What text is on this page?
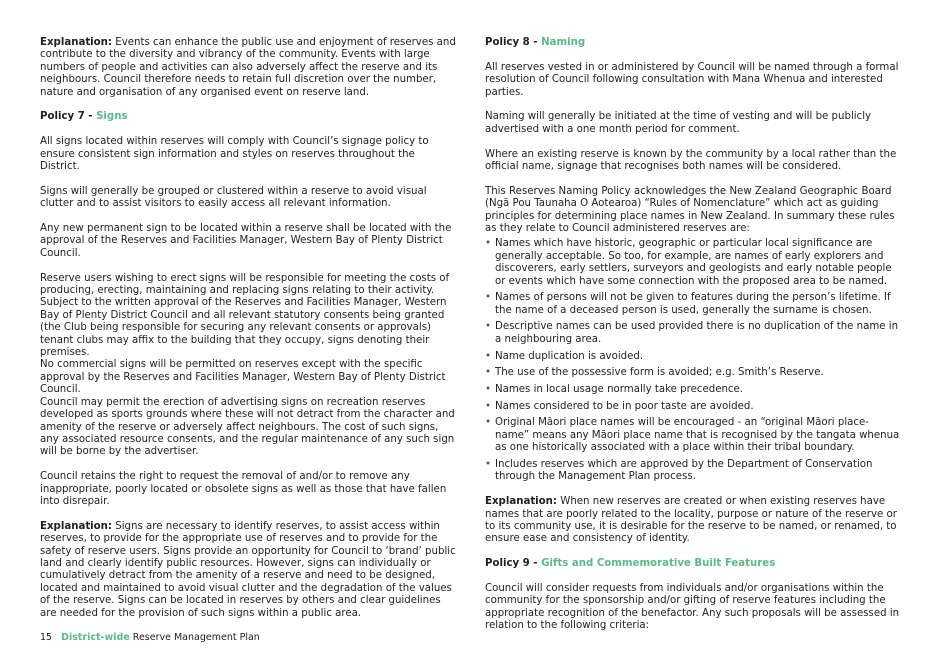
Explanation: Events can enhance the public use and enjoyment of reserves and contribute to the diversity and vibrancy of the community. Events with large numbers of people and activities can also adversely affect the reserve and its neighbours. Council therefore needs to retain full discretion over the number, nature and organisation of any organised event on reserve land.

Policy 7 - Signs

All signs located within reserves will comply with Council’s signage policy to ensure consistent sign information and styles on reserves throughout the District.

Signs will generally be grouped or clustered within a reserve to avoid visual clutter and to assist visitors to easily access all relevant information.

Any new permanent sign to be located within a reserve shall be located with the approval of the Reserves and Facilities Manager, Western Bay of Plenty District Council.

Reserve users wishing to erect signs will be responsible for meeting the costs of producing, erecting, maintaining and replacing signs relating to their activity. Subject to the written approval of the Reserves and Facilities Manager, Western Bay of Plenty District Council and all relevant statutory consents being granted (the Club being responsible for securing any relevant consents or approvals) tenant clubs may affix to the building that they occupy, signs denoting their premises.

No commercial signs will be permitted on reserves except with the specific approval by the Reserves and Facilities Manager, Western Bay of Plenty District Council.

Council may permit the erection of advertising signs on recreation reserves developed as sports grounds where these will not detract from the character and amenity of the reserve or adversely affect neighbours. The cost of such signs, any associated resource consents, and the regular maintenance of any such sign will be borne by the advertiser.

Council retains the right to request the removal of and/or to remove any inappropriate, poorly located or obsolete signs as well as those that have fallen into disrepair.

Explanation: Signs are necessary to identify reserves, to assist access within reserves, to provide for the appropriate use of reserves and to provide for the safety of reserve users. Signs provide an opportunity for Council to ‘brand’ public land and clearly identify public resources. However, signs can individually or cumulatively detract from the amenity of a reserve and need to be designed, located and maintained to avoid visual clutter and the degradation of the values of the reserve. Signs can be located in reserves by others and clear guidelines are needed for the provision of such signs within a public area.

Policy 8 - Naming

All reserves vested in or administered by Council will be named through a formal resolution of Council following consultation with Mana Whenua and interested parties.

Naming will generally be initiated at the time of vesting and will be publicly advertised with a one month period for comment.

Where an existing reserve is known by the community by a local rather than the official name, signage that recognises both names will be considered.

This Reserves Naming Policy acknowledges the New Zealand Geographic Board (Ngā Pou Taunaha O Aotearoa) “Rules of Nomenclature” which act as guiding principles for determining place names in New Zealand. In summary these rules as they relate to Council administered reserves are:

• Names which have historic, geographic or particular local significance are generally acceptable. So too, for example, are names of early explorers and discoverers, early settlers, surveyors and geologists and early notable people or events which have some connection with the proposed area to be named.
• Names of persons will not be given to features during the person’s lifetime. If the name of a deceased person is used, generally the surname is chosen.
• Descriptive names can be used provided there is no duplication of the name in a neighbouring area.
• Name duplication is avoided.
• The use of the possessive form is avoided; e.g. Smith’s Reserve.
• Names in local usage normally take precedence.
• Names considered to be in poor taste are avoided.
• Original Māori place names will be encouraged - an “original Māori place-name” means any Māori place name that is recognised by the tangata whenua as one historically associated with a place within their tribal boundary.
• Includes reserves which are approved by the Department of Conservation through the Management Plan process.

Explanation: When new reserves are created or when existing reserves have names that are poorly related to the locality, purpose or nature of the reserve or to its community use, it is desirable for the reserve to be named, or renamed, to ensure ease and consistency of identity.

Policy 9 - Gifts and Commemorative Built Features

Council will consider requests from individuals and/or organisations within the community for the sponsorship and/or gifting of reserve features including the appropriate recognition of the benefactor. Any such proposals will be assessed in relation to the following criteria:

15 District-wide Reserve Management Plan
